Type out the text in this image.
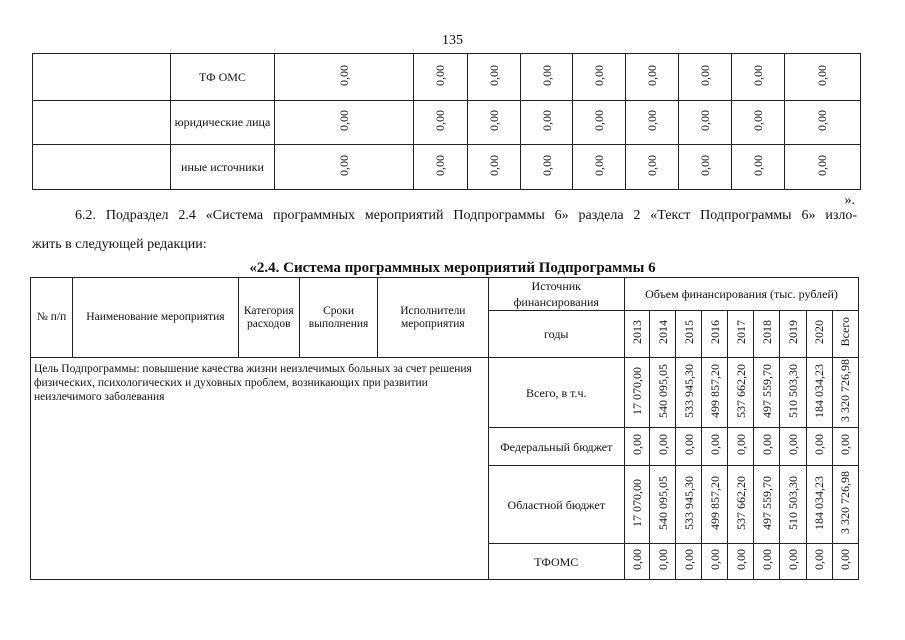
135
	ТФ ОМС	0,00	0,00	0,00	0,00	0,00	0,00	0,00	0,00	0,00
	юридические лица	0,00	0,00	0,00	0,00	0,00	0,00	0,00	0,00	0,00
	иные источники	0,00	0,00	0,00	0,00	0,00	0,00	0,00	0,00	0,00
».
6.2. Подраздел 2.4 «Система программных мероприятий Подпрограммы 6» раздела 2 «Текст Подпрограммы 6» изло-
жить в следующей редакции:
«2.4. Система программных мероприятий Подпрограммы 6
№ п/п	Наименование мероприятия	Категория расходов	Сроки выполнения	Исполнители мероприятия	Источник финансирования	Объем финансирования (тыс. рублей)								
					годы	2013	2014	2015	2016	2017	2018	2019	2020	Всего
Цель Подпрограммы: повышение качества жизни неизлечимых больных за счет решения физических, психологических и духовных проблем, возникающих при развитии неизлечимого заболевания					Всего, в т.ч.	17 070,00	540 095,05	533 945,30	499 857,20	537 662,20	497 559,70	510 503,30	184 034,23	3 320 726,98
					Федеральный бюджет	0,00	0,00	0,00	0,00	0,00	0,00	0,00	0,00	0,00
					Областной бюджет	17 070,00	540 095,05	533 945,30	499 857,20	537 662,20	497 559,70	510 503,30	184 034,23	3 320 726,98
					ТФОМС	0,00	0,00	0,00	0,00	0,00	0,00	0,00	0,00	0,00
